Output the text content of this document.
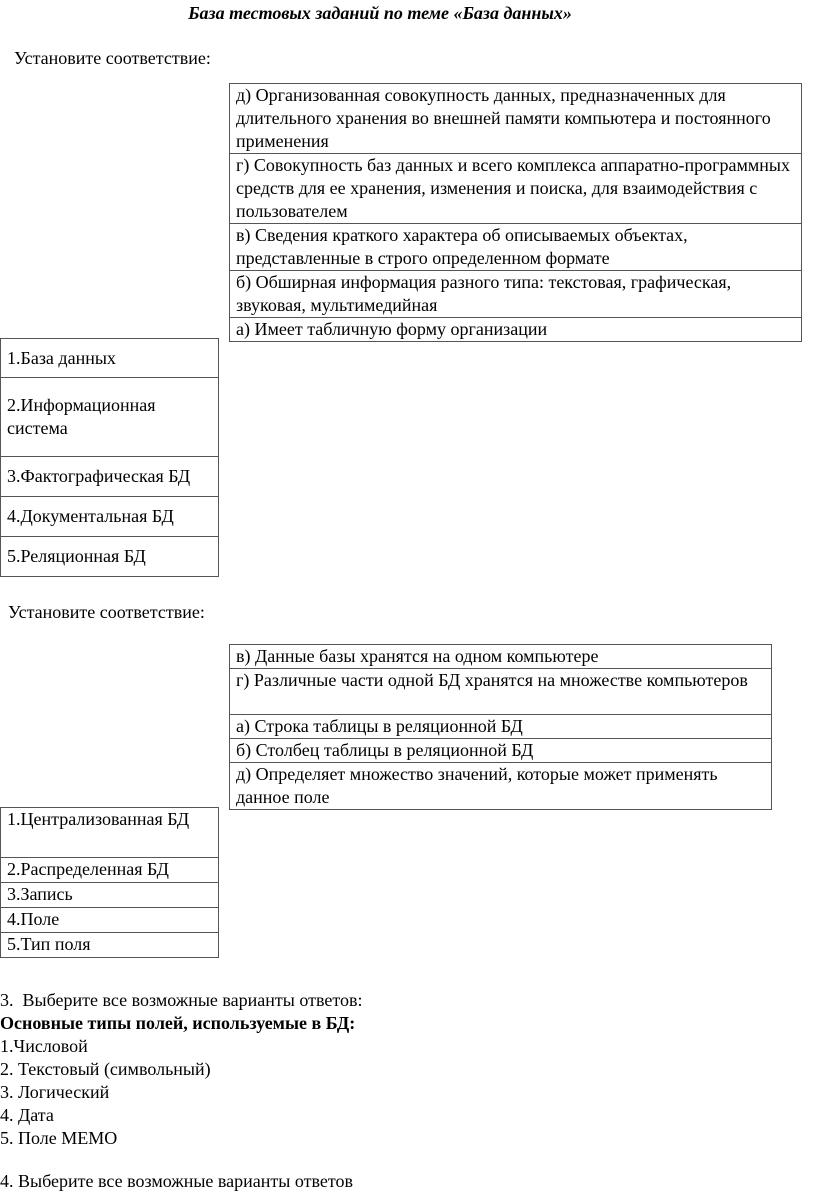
База тестовых заданий по теме «База данных»
Установите соответствие:
д) Организованная совокупность данных, предназначенных для длительного хранения во внешней памяти компьютера и постоянного применения
г) Совокупность баз данных и всего комплекса аппаратно-программных средств для ее хранения, изменения и поиска, для взаимодействия с пользователем
в) Сведения краткого характера об описываемых объектах, представленные в строго определенном формате
б) Обширная информация разного типа: текстовая, графическая, звуковая, мультимедийная
а) Имеет табличную форму организации
1.База данных
2.Информационная система
3.Фактографическая БД
4.Документальная БД
5.Реляционная БД
Установите соответствие:
в) Данные базы хранятся на одном компьютере
г) Различные части одной БД хранятся на множестве компьютеров
а) Строка таблицы в реляционной БД
б) Столбец таблицы в реляционной БД
д) Определяет множество значений, которые может применять данное поле
1.Централизованная БД
2.Распределенная БД
3.Запись
4.Поле
5.Тип поля
3. Выберите все возможные варианты ответов:
Основные типы полей, используемые в БД:
1.Числовой
2. Текстовый (символьный)
3. Логический
4. Дата
5. Поле МЕМО
4. Выберите все возможные варианты ответов
